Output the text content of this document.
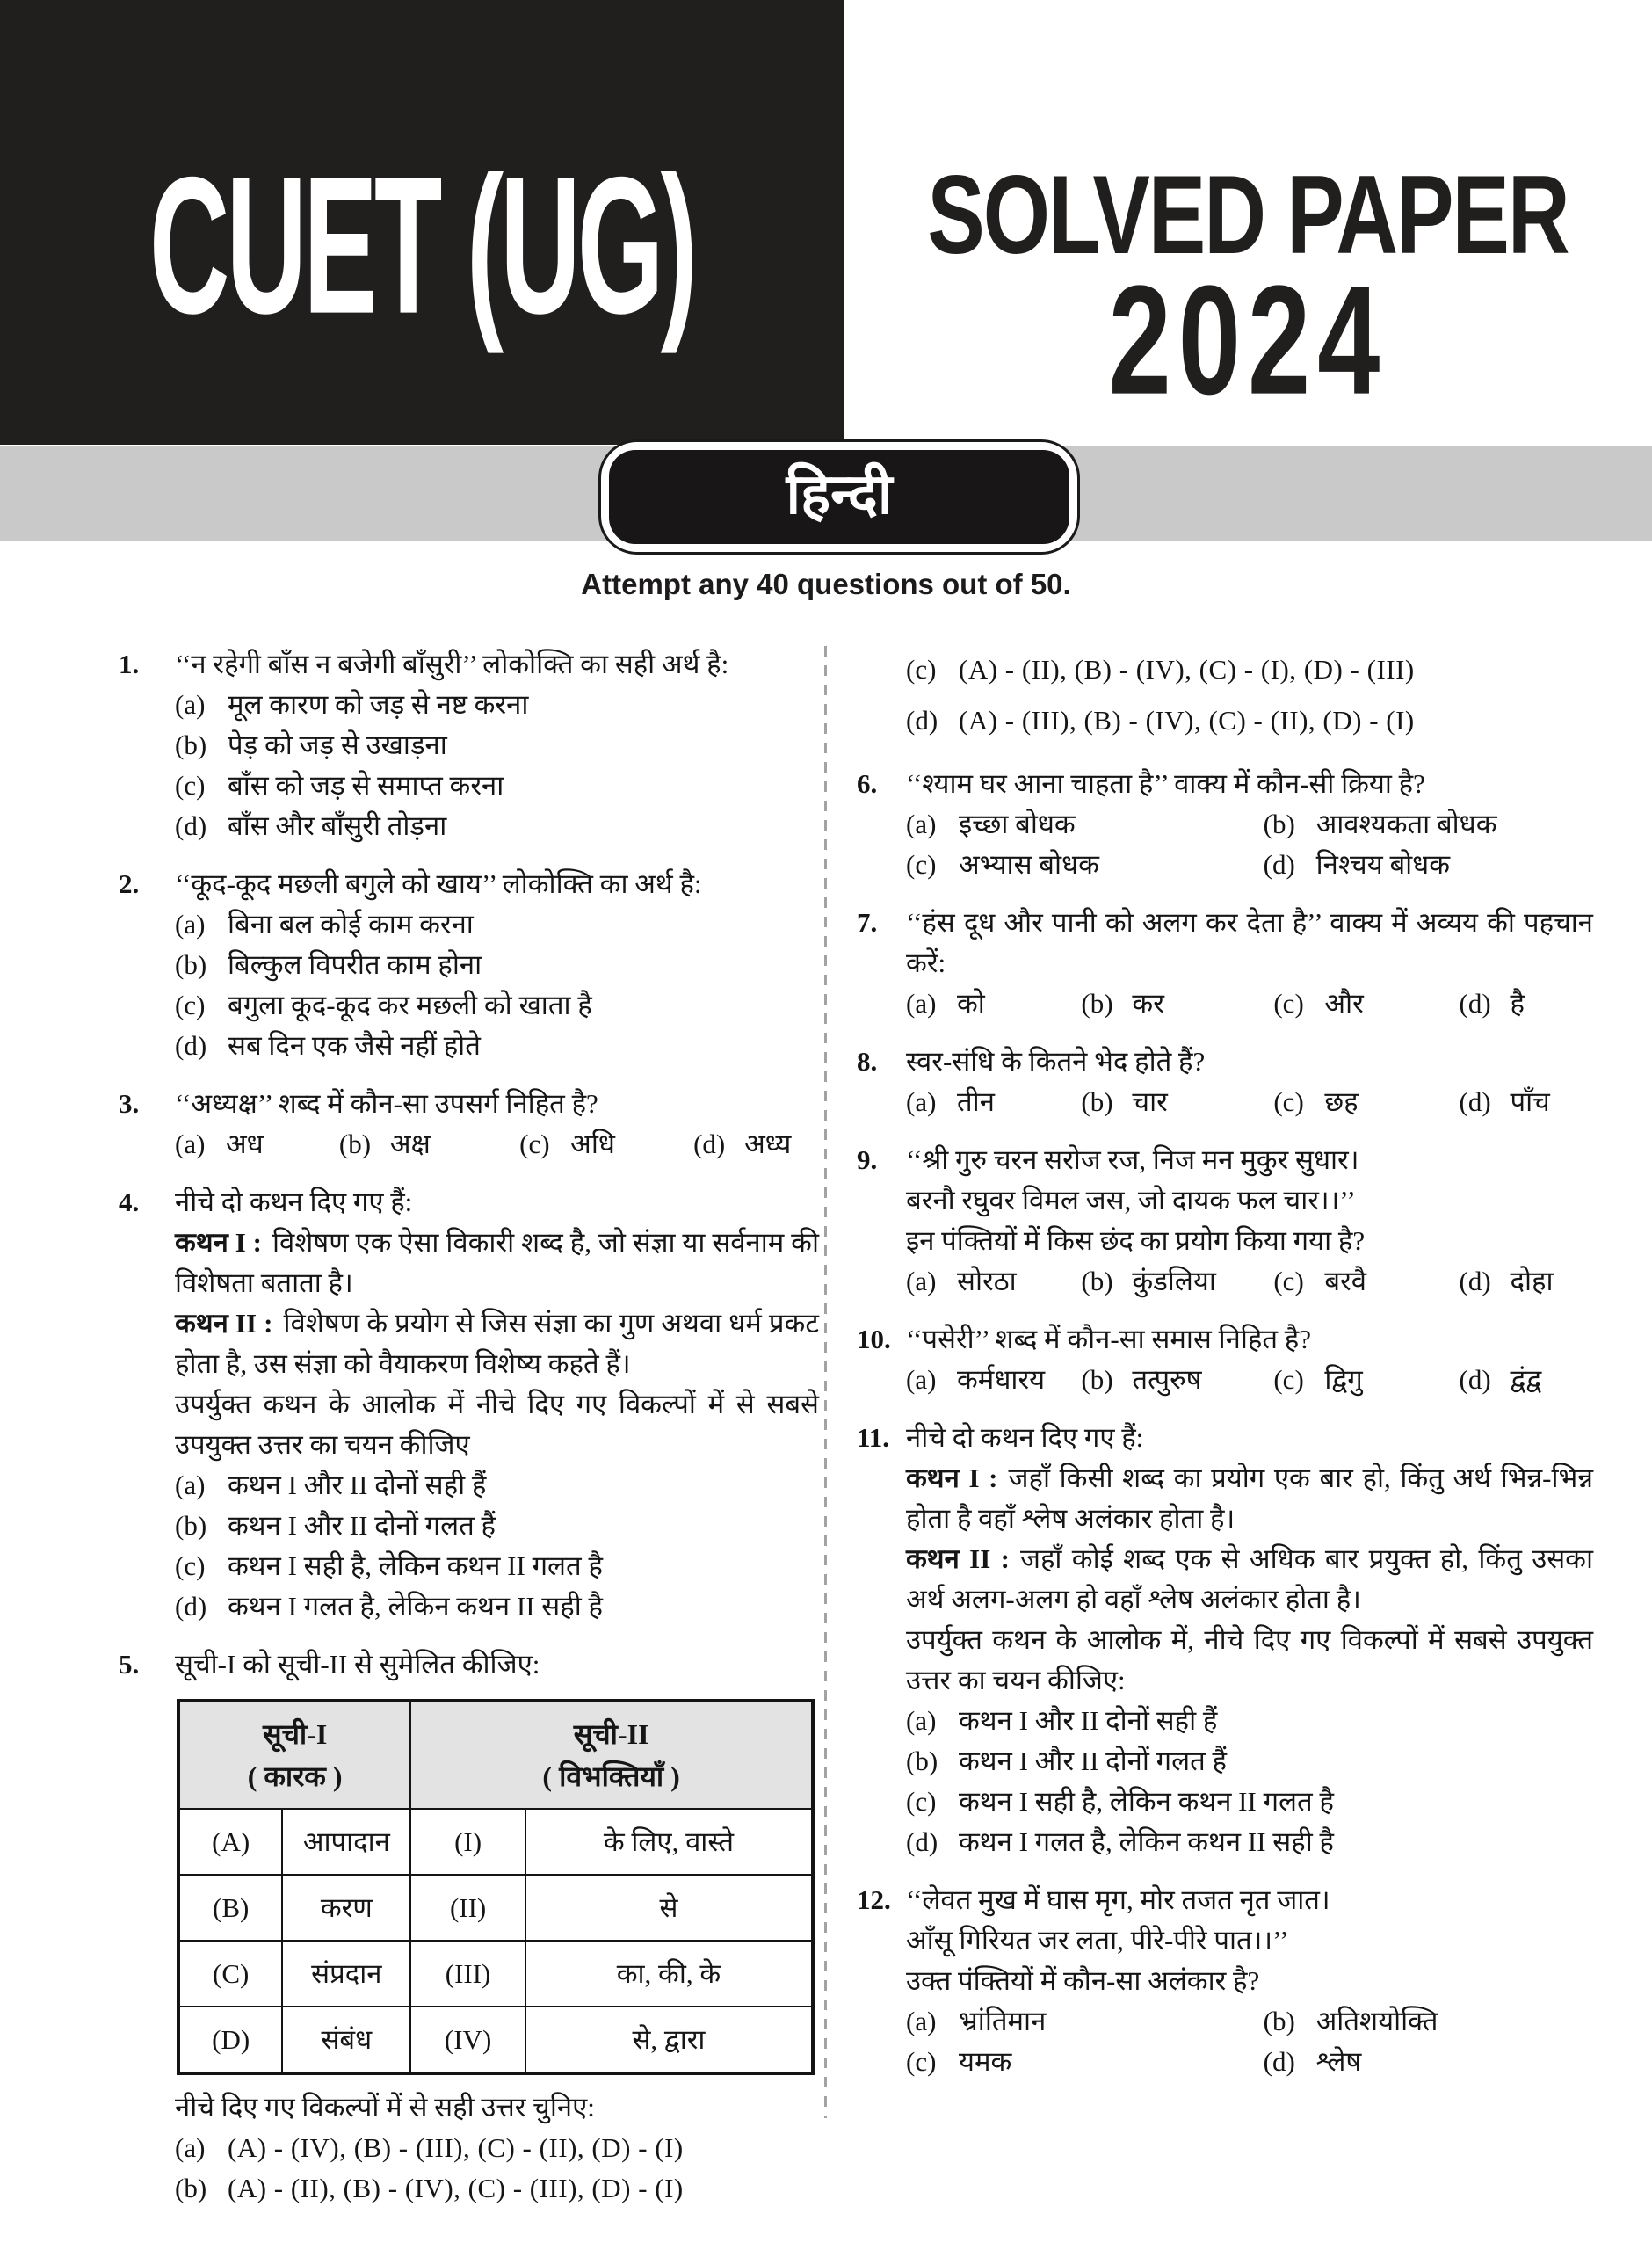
CUET (UG)	SOLVED PAPER
2024
हिन्दी
Attempt any 40 questions out of 50.
1.	‘‘न रहेगी बाँस न बजेगी बाँसुरी’’ लोकोक्ति का सही अर्थ है:
(a) मूल कारण को जड़ से नष्ट करना
(b) पेड़ को जड़ से उखाड़ना
(c) बाँस को जड़ से समाप्त करना
(d) बाँस और बाँसुरी तोड़ना
2.	‘‘कूद-कूद मछली बगुले को खाय’’ लोकोक्ति का अर्थ है:
(a) बिना बल कोई काम करना
(b) बिल्कुल विपरीत काम होना
(c) बगुला कूद-कूद कर मछली को खाता है
(d) सब दिन एक जैसे नहीं होते
3.	‘‘अध्यक्ष’’ शब्द में कौन-सा उपसर्ग निहित है?
(a) अध	(b) अक्ष	(c) अधि	(d) अध्य
4.	नीचे दो कथन दिए गए हैं:
कथन I : विशेषण एक ऐसा विकारी शब्द है, जो संज्ञा या सर्वनाम की विशेषता बताता है।
कथन II : विशेषण के प्रयोग से जिस संज्ञा का गुण अथवा धर्म प्रकट होता है, उस संज्ञा को वैयाकरण विशेष्य कहते हैं।
उपर्युक्त कथन के आलोक में नीचे दिए गए विकल्पों में से सबसे उपयुक्त उत्तर का चयन कीजिए
(a) कथन I और II दोनों सही हैं
(b) कथन I और II दोनों गलत हैं
(c) कथन I सही है, लेकिन कथन II गलत है
(d) कथन I गलत है, लेकिन कथन II सही है
5.	सूची-I को सूची-II से सुमेलित कीजिए:
सूची-I
( कारक )

सूची-II
( विभक्तियाँ )

(A)	आपादान	(I)	के लिए, वास्ते
(B)	करण	(II)	से
(C)	संप्रदान	(III)	का, की, के
(D)	संबंध	(IV)	से, द्वारा
नीचे दिए गए विकल्पों में से सही उत्तर चुनिए:
(a) (A) - (IV), (B) - (III), (C) - (II), (D) - (I)
(b) (A) - (II), (B) - (IV), (C) - (III), (D) - (I)
(c) (A) - (II), (B) - (IV), (C) - (I), (D) - (III)
(d) (A) - (III), (B) - (IV), (C) - (II), (D) - (I)
6.	‘‘श्याम घर आना चाहता है’’ वाक्य में कौन-सी क्रिया है?
(a) इच्छा बोधक	(b) आवश्यकता बोधक
(c) अभ्यास बोधक	(d) निश्चय बोधक
7.	‘‘हंस दूध और पानी को अलग कर देता है’’ वाक्य में अव्यय की पहचान करें:
(a) को	(b) कर	(c) और	(d) है
8.	स्वर-संधि के कितने भेद होते हैं?
(a) तीन	(b) चार	(c) छह	(d) पाँच
9.	‘‘श्री गुरु चरन सरोज रज, निज मन मुकुर सुधार।
बरनौ रघुवर विमल जस, जो दायक फल चार।।’’
इन पंक्तियों में किस छंद का प्रयोग किया गया है?
(a) सोरठा	(b) कुंडलिया	(c) बरवै	(d) दोहा
10. ‘‘पसेरी’’ शब्द में कौन-सा समास निहित है?
(a) कर्मधारय	(b) तत्पुरुष	(c) द्विगु	(d) द्वंद्व
11. नीचे दो कथन दिए गए हैं:
कथन I : जहाँ किसी शब्द का प्रयोग एक बार हो, किंतु अर्थ भिन्न-भिन्न होता है वहाँ श्लेष अलंकार होता है।
कथन II : जहाँ कोई शब्द एक से अधिक बार प्रयुक्त हो, किंतु उसका अर्थ अलग-अलग हो वहाँ श्लेष अलंकार होता है।
उपर्युक्त कथन के आलोक में, नीचे दिए गए विकल्पों में सबसे उपयुक्त उत्तर का चयन कीजिए:
(a) कथन I और II दोनों सही हैं
(b) कथन I और II दोनों गलत हैं
(c) कथन I सही है, लेकिन कथन II गलत है
(d) कथन I गलत है, लेकिन कथन II सही है
12. ‘‘लेवत मुख में घास मृग, मोर तजत नृत जात।
आँसू गिरियत जर लता, पीरे-पीरे पात।।’’
उक्त पंक्तियों में कौन-सा अलंकार है?
(a) भ्रांतिमान	(b) अतिशयोक्ति
(c) यमक	(d) श्लेष
